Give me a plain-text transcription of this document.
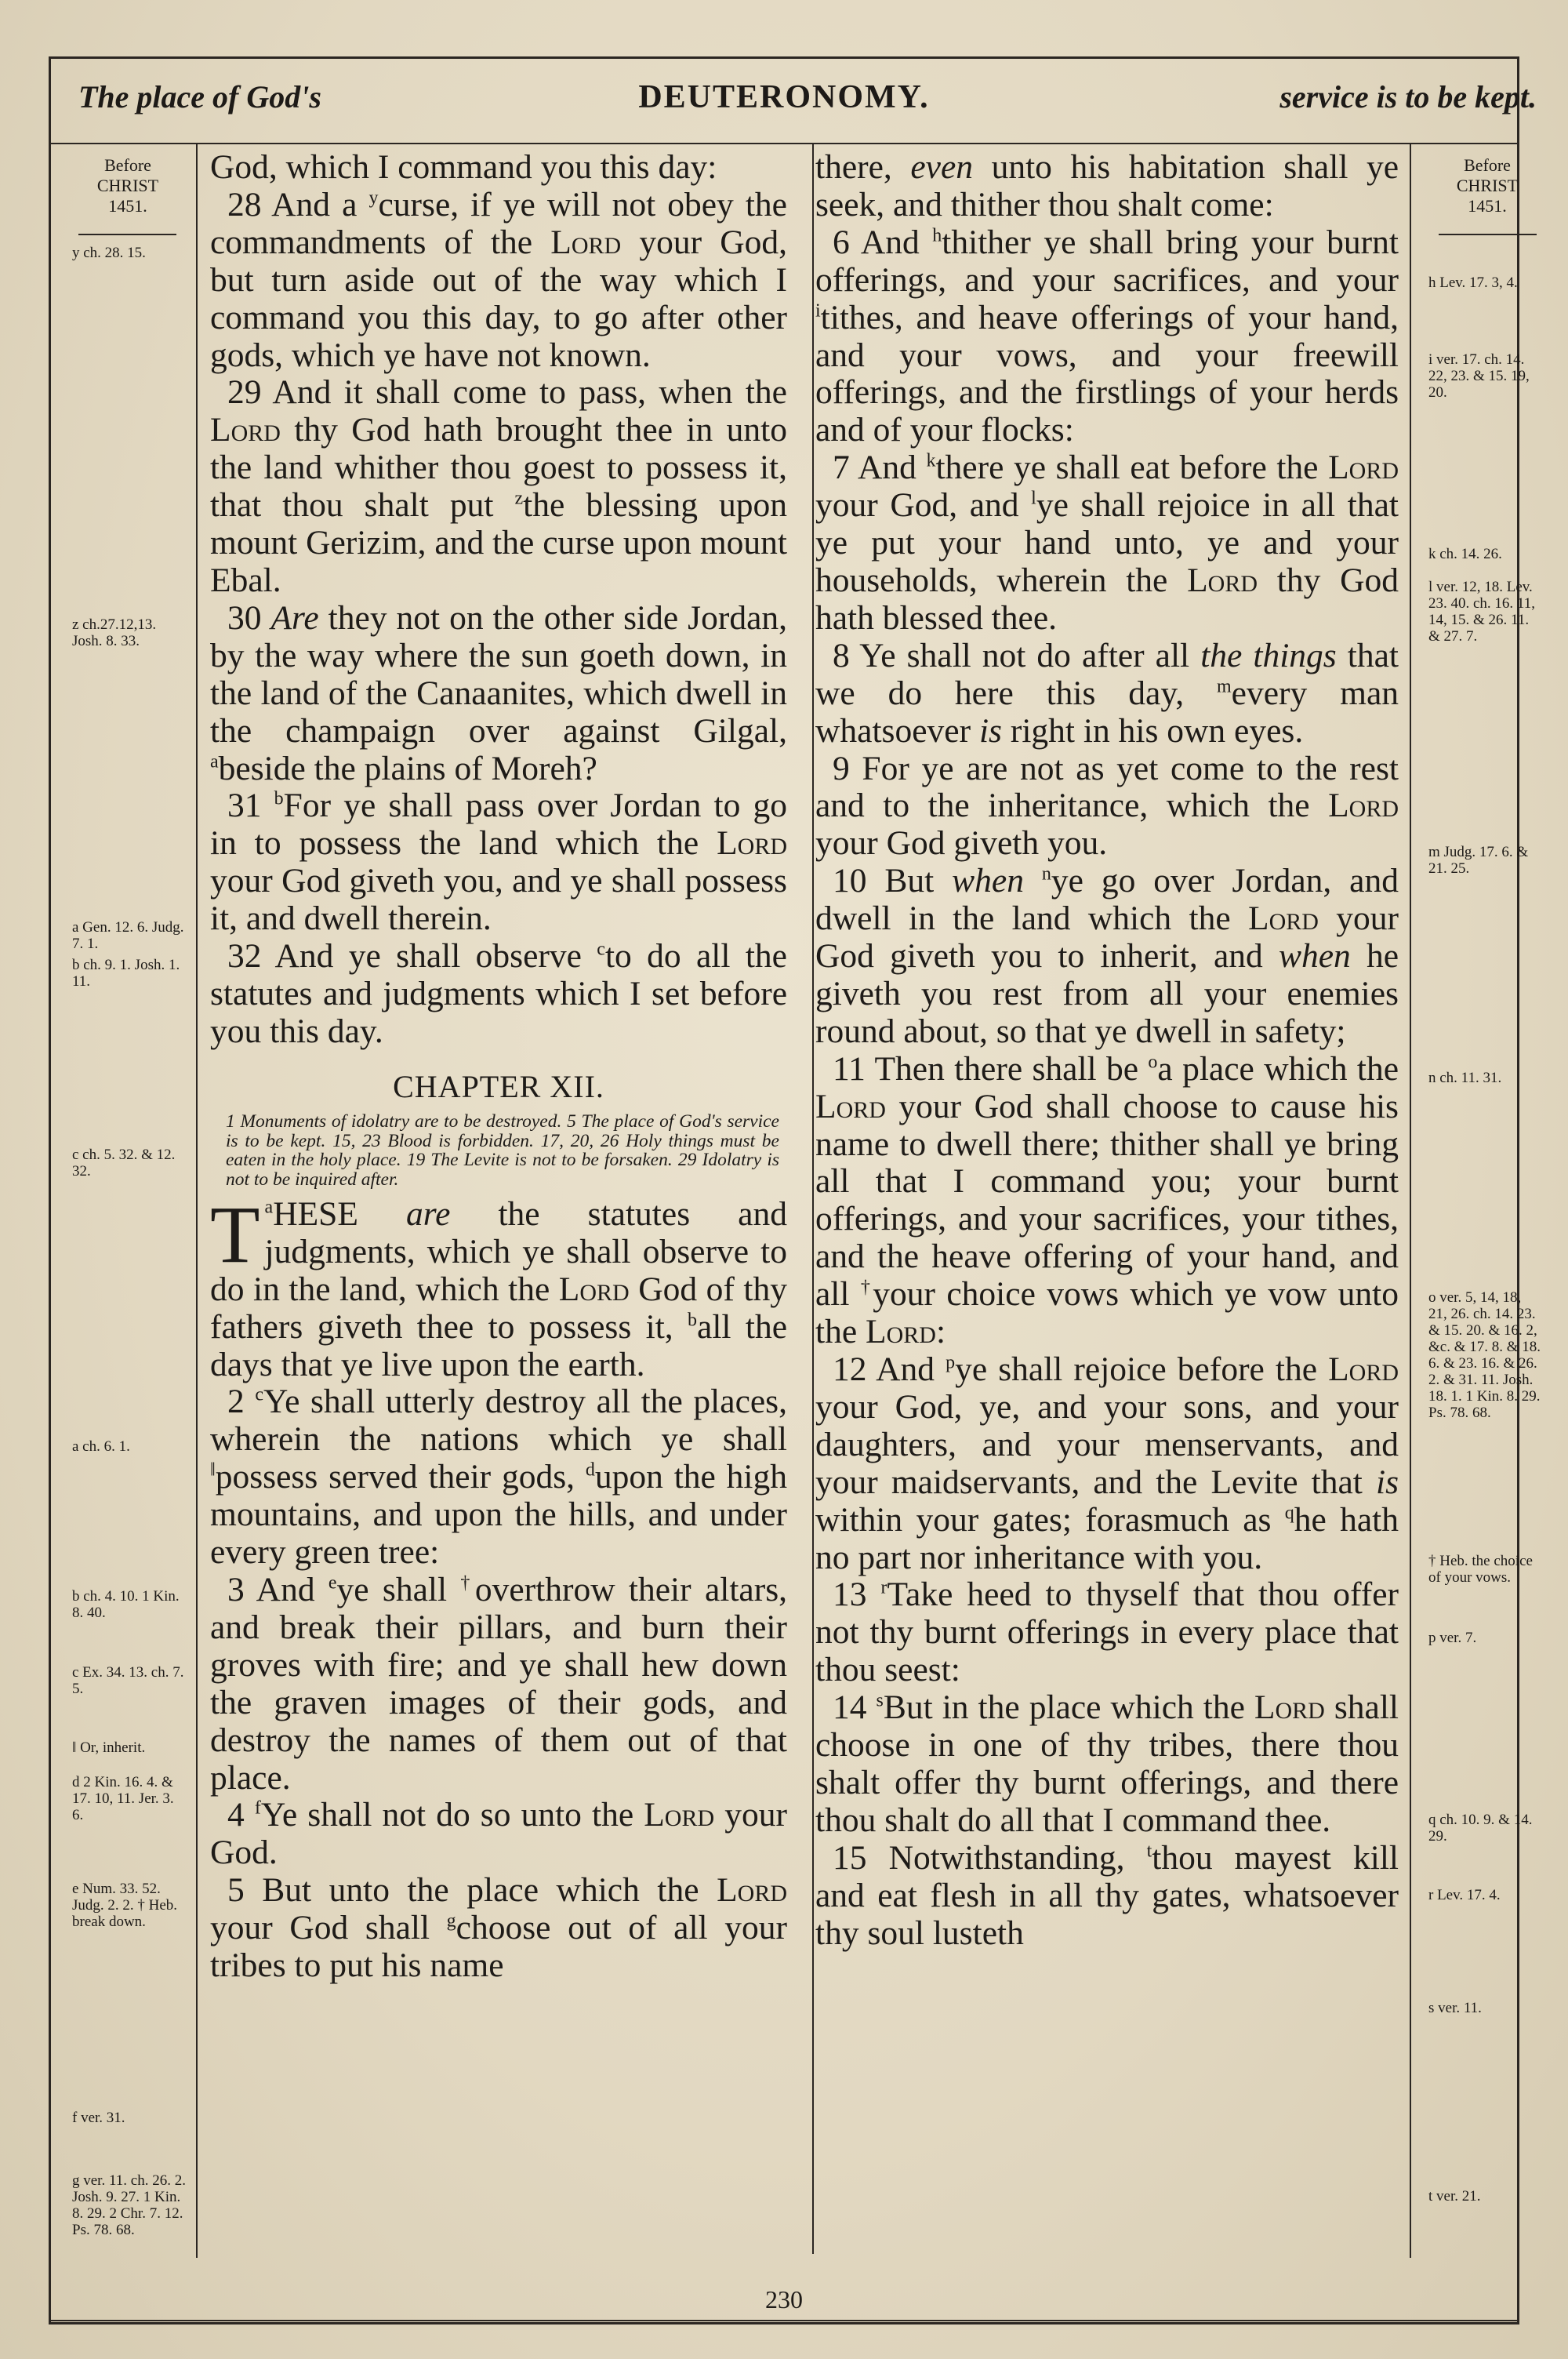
The place of God's	DEUTERONOMY.	service is to be kept.
Before
CHRIST
1451.
Before
CHRIST
1451.
y ch. 28. 15.
z ch.27.12,13. Josh. 8. 33.
a Gen. 12. 6. Judg. 7. 1.
b ch. 9. 1. Josh. 1. 11.
c ch. 5. 32. & 12. 32.
a ch. 6. 1.
b ch. 4. 10. 1 Kin. 8. 40.
c Ex. 34. 13. ch. 7. 5.
‖ Or, inherit.
d 2 Kin. 16. 4. & 17. 10, 11. Jer. 3. 6.
e Num. 33. 52. Judg. 2. 2. † Heb. break down.
f ver. 31.
g ver. 11. ch. 26. 2. Josh. 9. 27. 1 Kin. 8. 29. 2 Chr. 7. 12. Ps. 78. 68.
h Lev. 17. 3, 4.
i ver. 17. ch. 14. 22, 23. & 15. 19, 20.
k ch. 14. 26.
l ver. 12, 18. Lev. 23. 40. ch. 16. 11, 14, 15. & 26. 11. & 27. 7.
m Judg. 17. 6. & 21. 25.
n ch. 11. 31.
o ver. 5, 14, 18, 21, 26. ch. 14. 23. & 15. 20. & 16. 2, &c. & 17. 8. & 18. 6. & 23. 16. & 26. 2. & 31. 11. Josh. 18. 1. 1 Kin. 8. 29. Ps. 78. 68.
† Heb. the choice of your vows.
p ver. 7.
q ch. 10. 9. & 14. 29.
r Lev. 17. 4.
s ver. 11.
t ver. 21.

God, which I command you this day:

28 And a $^y$curse, if ye will not obey the commandments of the Lord your God, but turn aside out of the way which I command you this day, to go after other gods, which ye have not known.

29 And it shall come to pass, when the Lord thy God hath brought thee in unto the land whither thou goest to possess it, that thou shalt put $^z$the blessing upon mount Gerizim, and the curse upon mount Ebal.

30 Are they not on the other side Jordan, by the way where the sun goeth down, in the land of the Canaanites, which dwell in the champaign over against Gilgal, $^a$beside the plains of Moreh?

31 $^b$For ye shall pass over Jordan to go in to possess the land which the Lord your God giveth you, and ye shall possess it, and dwell therein.

32 And ye shall observe $^c$to do all the statutes and judgments which I set before you this day.

CHAPTER XII.
1 Monuments of idolatry are to be destroyed. 5 The place of God's service is to be kept. 15, 23 Blood is forbidden. 17, 20, 26 Holy things must be eaten in the holy place. 19 The Levite is not to be forsaken. 29 Idolatry is not to be inquired after.

T $^a$HESE are the statutes and judgments, which ye shall observe to do in the land, which the Lord God of thy fathers giveth thee to possess it, $^b$all the days that ye live upon the earth.

2 $^c$Ye shall utterly destroy all the places, wherein the nations which ye shall ‖possess served their gods, $^d$upon the high mountains, and upon the hills, and under every green tree:

3 And $^e$ye shall †overthrow their altars, and break their pillars, and burn their groves with fire; and ye shall hew down the graven images of their gods, and destroy the names of them out of that place.

4 $^f$Ye shall not do so unto the Lord your God.

5 But unto the place which the Lord your God shall $^g$choose out of all your tribes to put his name

there, even unto his habitation shall ye seek, and thither thou shalt come:

6 And $^h$thither ye shall bring your burnt offerings, and your sacrifices, and your $^i$tithes, and heave offerings of your hand, and your vows, and your freewill offerings, and the firstlings of your herds and of your flocks:

7 And $^k$there ye shall eat before the Lord your God, and $^l$ye shall rejoice in all that ye put your hand unto, ye and your households, wherein the Lord thy God hath blessed thee.

8 Ye shall not do after all the things that we do here this day, $^m$every man whatsoever is right in his own eyes.

9 For ye are not as yet come to the rest and to the inheritance, which the Lord your God giveth you.

10 But when $^n$ye go over Jordan, and dwell in the land which the Lord your God giveth you to inherit, and when he giveth you rest from all your enemies round about, so that ye dwell in safety;

11 Then there shall be $^o$a place which the Lord your God shall choose to cause his name to dwell there; thither shall ye bring all that I command you; your burnt offerings, and your sacrifices, your tithes, and the heave offering of your hand, and all †your choice vows which ye vow unto the Lord:

12 And $^p$ye shall rejoice before the Lord your God, ye, and your sons, and your daughters, and your menservants, and your maidservants, and the Levite that is within your gates; forasmuch as $^q$he hath no part nor inheritance with you.

13 $^r$Take heed to thyself that thou offer not thy burnt offerings in every place that thou seest:

14 $^s$But in the place which the Lord shall choose in one of thy tribes, there thou shalt offer thy burnt offerings, and there thou shalt do all that I command thee.

15 Notwithstanding, $^t$thou mayest kill and eat flesh in all thy gates, whatsoever thy soul lusteth

230
